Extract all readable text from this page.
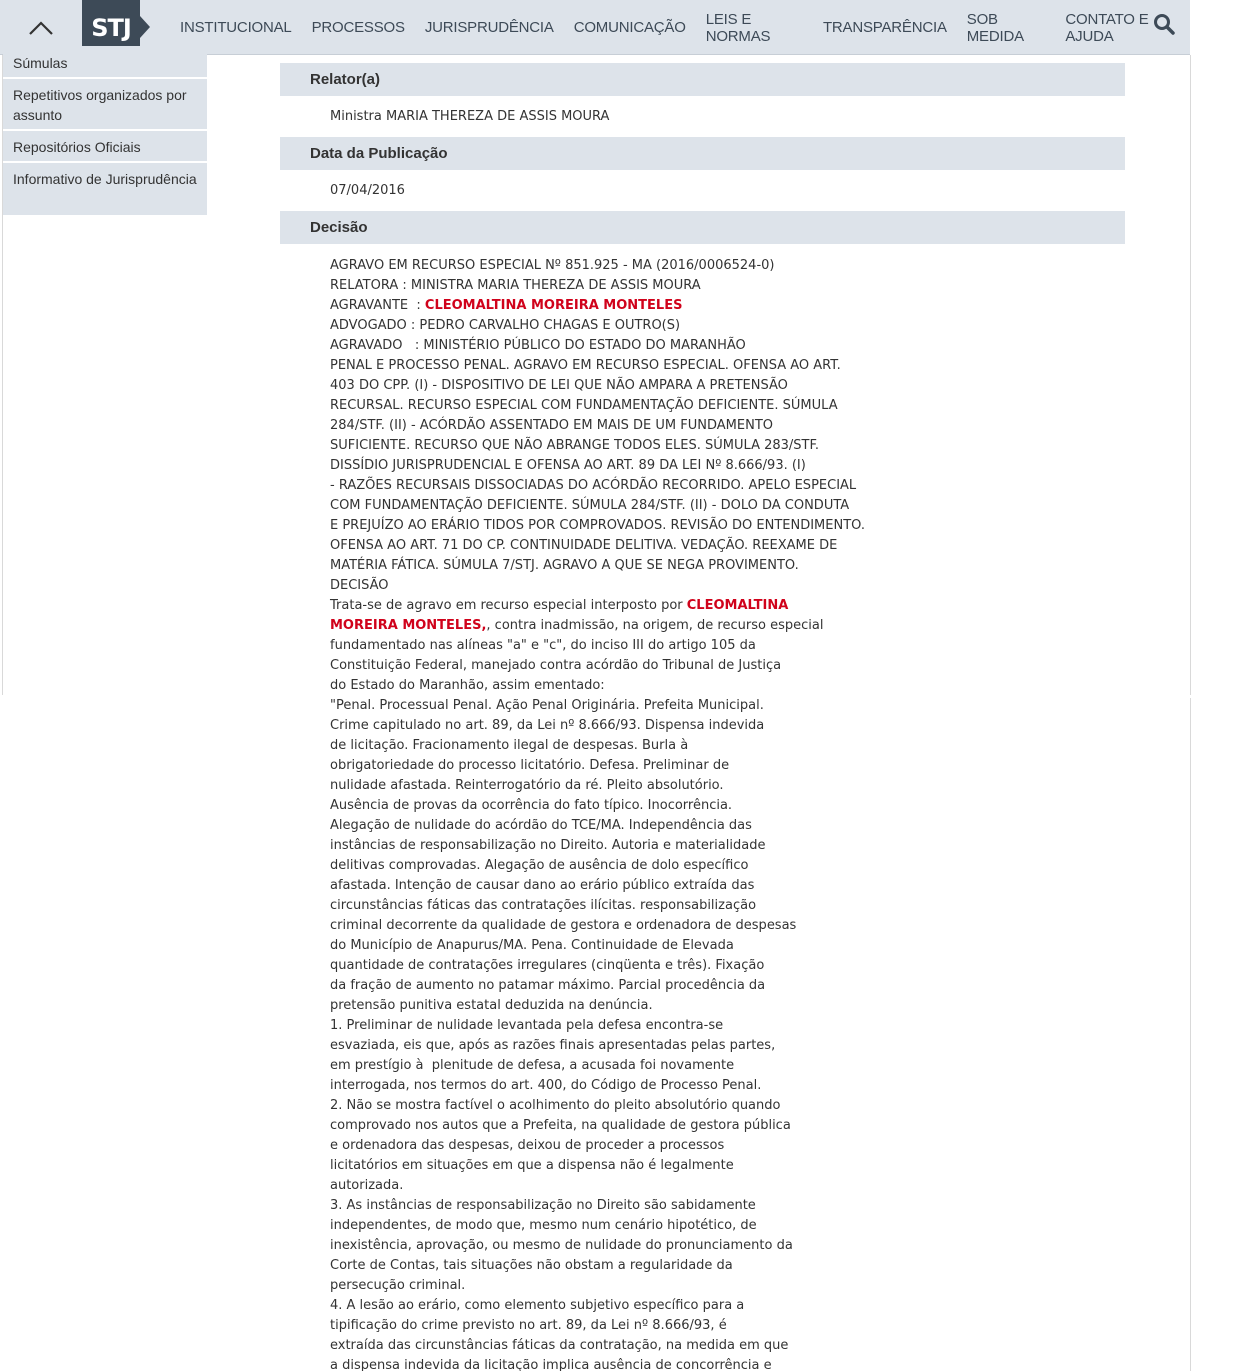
STJ	INSTITUCIONAL	PROCESSOS	JURISPRUDÊNCIA	COMUNICAÇÃO	LEIS E NORMAS	TRANSPARÊNCIA	SOB MEDIDA
CONTATO E AJUDA
Súmulas
Repetitivos organizados por assunto
Repositórios Oficiais
Informativo de Jurisprudência
Relator(a)
Ministra MARIA THEREZA DE ASSIS MOURA
Data da Publicação
07/04/2016
Decisão

AGRAVO EM RECURSO ESPECIAL Nº 851.925 - MA (2016/0006524-0)

RELATORA : MINISTRA MARIA THEREZA DE ASSIS MOURA

AGRAVANTE  : CLEOMALTINA MOREIRA MONTELES

ADVOGADO : PEDRO CARVALHO CHAGAS E OUTRO(S)

AGRAVADO   : MINISTÉRIO PÚBLICO DO ESTADO DO MARANHÃO

PENAL E PROCESSO PENAL. AGRAVO EM RECURSO ESPECIAL. OFENSA AO ART.

403 DO CPP. (I) - DISPOSITIVO DE LEI QUE NÃO AMPARA A PRETENSÃO

RECURSAL. RECURSO ESPECIAL COM FUNDAMENTAÇÃO DEFICIENTE. SÚMULA

284/STF. (II) - ACÓRDÃO ASSENTADO EM MAIS DE UM FUNDAMENTO

SUFICIENTE. RECURSO QUE NÃO ABRANGE TODOS ELES. SÚMULA 283/STF.

DISSÍDIO JURISPRUDENCIAL E OFENSA AO ART. 89 DA LEI Nº 8.666/93. (I)

- RAZÕES RECURSAIS DISSOCIADAS DO ACÓRDÃO RECORRIDO. APELO ESPECIAL

COM FUNDAMENTAÇÃO DEFICIENTE. SÚMULA 284/STF. (II) - DOLO DA CONDUTA

E PREJUÍZO AO ERÁRIO TIDOS POR COMPROVADOS. REVISÃO DO ENTENDIMENTO.

OFENSA AO ART. 71 DO CP. CONTINUIDADE DELITIVA. VEDAÇÃO. REEXAME DE

MATÉRIA FÁTICA. SÚMULA 7/STJ. AGRAVO A QUE SE NEGA PROVIMENTO.

DECISÃO

Trata-se de agravo em recurso especial interposto por CLEOMALTINA

MOREIRA MONTELES,, contra inadmissão, na origem, de recurso especial

fundamentado nas alíneas "a" e "c", do inciso III do artigo 105 da

Constituição Federal, manejado contra acórdão do Tribunal de Justiça

do Estado do Maranhão, assim ementado:

"Penal. Processual Penal. Ação Penal Originária. Prefeita Municipal.

Crime capitulado no art. 89, da Lei nº 8.666/93. Dispensa indevida

de licitação. Fracionamento ilegal de despesas. Burla à

obrigatoriedade do processo licitatório. Defesa. Preliminar de

nulidade afastada. Reinterrogatório da ré. Pleito absolutório.

Ausência de provas da ocorrência do fato típico. Inocorrência.

Alegação de nulidade do acórdão do TCE/MA. Independência das

instâncias de responsabilização no Direito. Autoria e materialidade

delitivas comprovadas. Alegação de ausência de dolo específico

afastada. Intenção de causar dano ao erário público extraída das

circunstâncias fáticas das contratações ilícitas. responsabilização

criminal decorrente da qualidade de gestora e ordenadora de despesas

do Município de Anapurus/MA. Pena. Continuidade de Elevada

quantidade de contratações irregulares (cinqüenta e três). Fixação

da fração de aumento no patamar máximo. Parcial procedência da

pretensão punitiva estatal deduzida na denúncia.

1. Preliminar de nulidade levantada pela defesa encontra-se

esvaziada, eis que, após as razões finais apresentadas pelas partes,

em prestígio à  plenitude de defesa, a acusada foi novamente

interrogada, nos termos do art. 400, do Código de Processo Penal.

2. Não se mostra factível o acolhimento do pleito absolutório quando

comprovado nos autos que a Prefeita, na qualidade de gestora pública

e ordenadora das despesas, deixou de proceder a processos

licitatórios em situações em que a dispensa não é legalmente

autorizada.

3. As instâncias de responsabilização no Direito são sabidamente

independentes, de modo que, mesmo num cenário hipotético, de

inexistência, aprovação, ou mesmo de nulidade do pronunciamento da

Corte de Contas, tais situações não obstam a regularidade da

persecução criminal.

4. A lesão ao erário, como elemento subjetivo específico para a

tipificação do crime previsto no art. 89, da Lei nº 8.666/93, é

extraída das circunstâncias fáticas da contratação, na medida em que

a dispensa indevida da licitação implica ausência de concorrência e
